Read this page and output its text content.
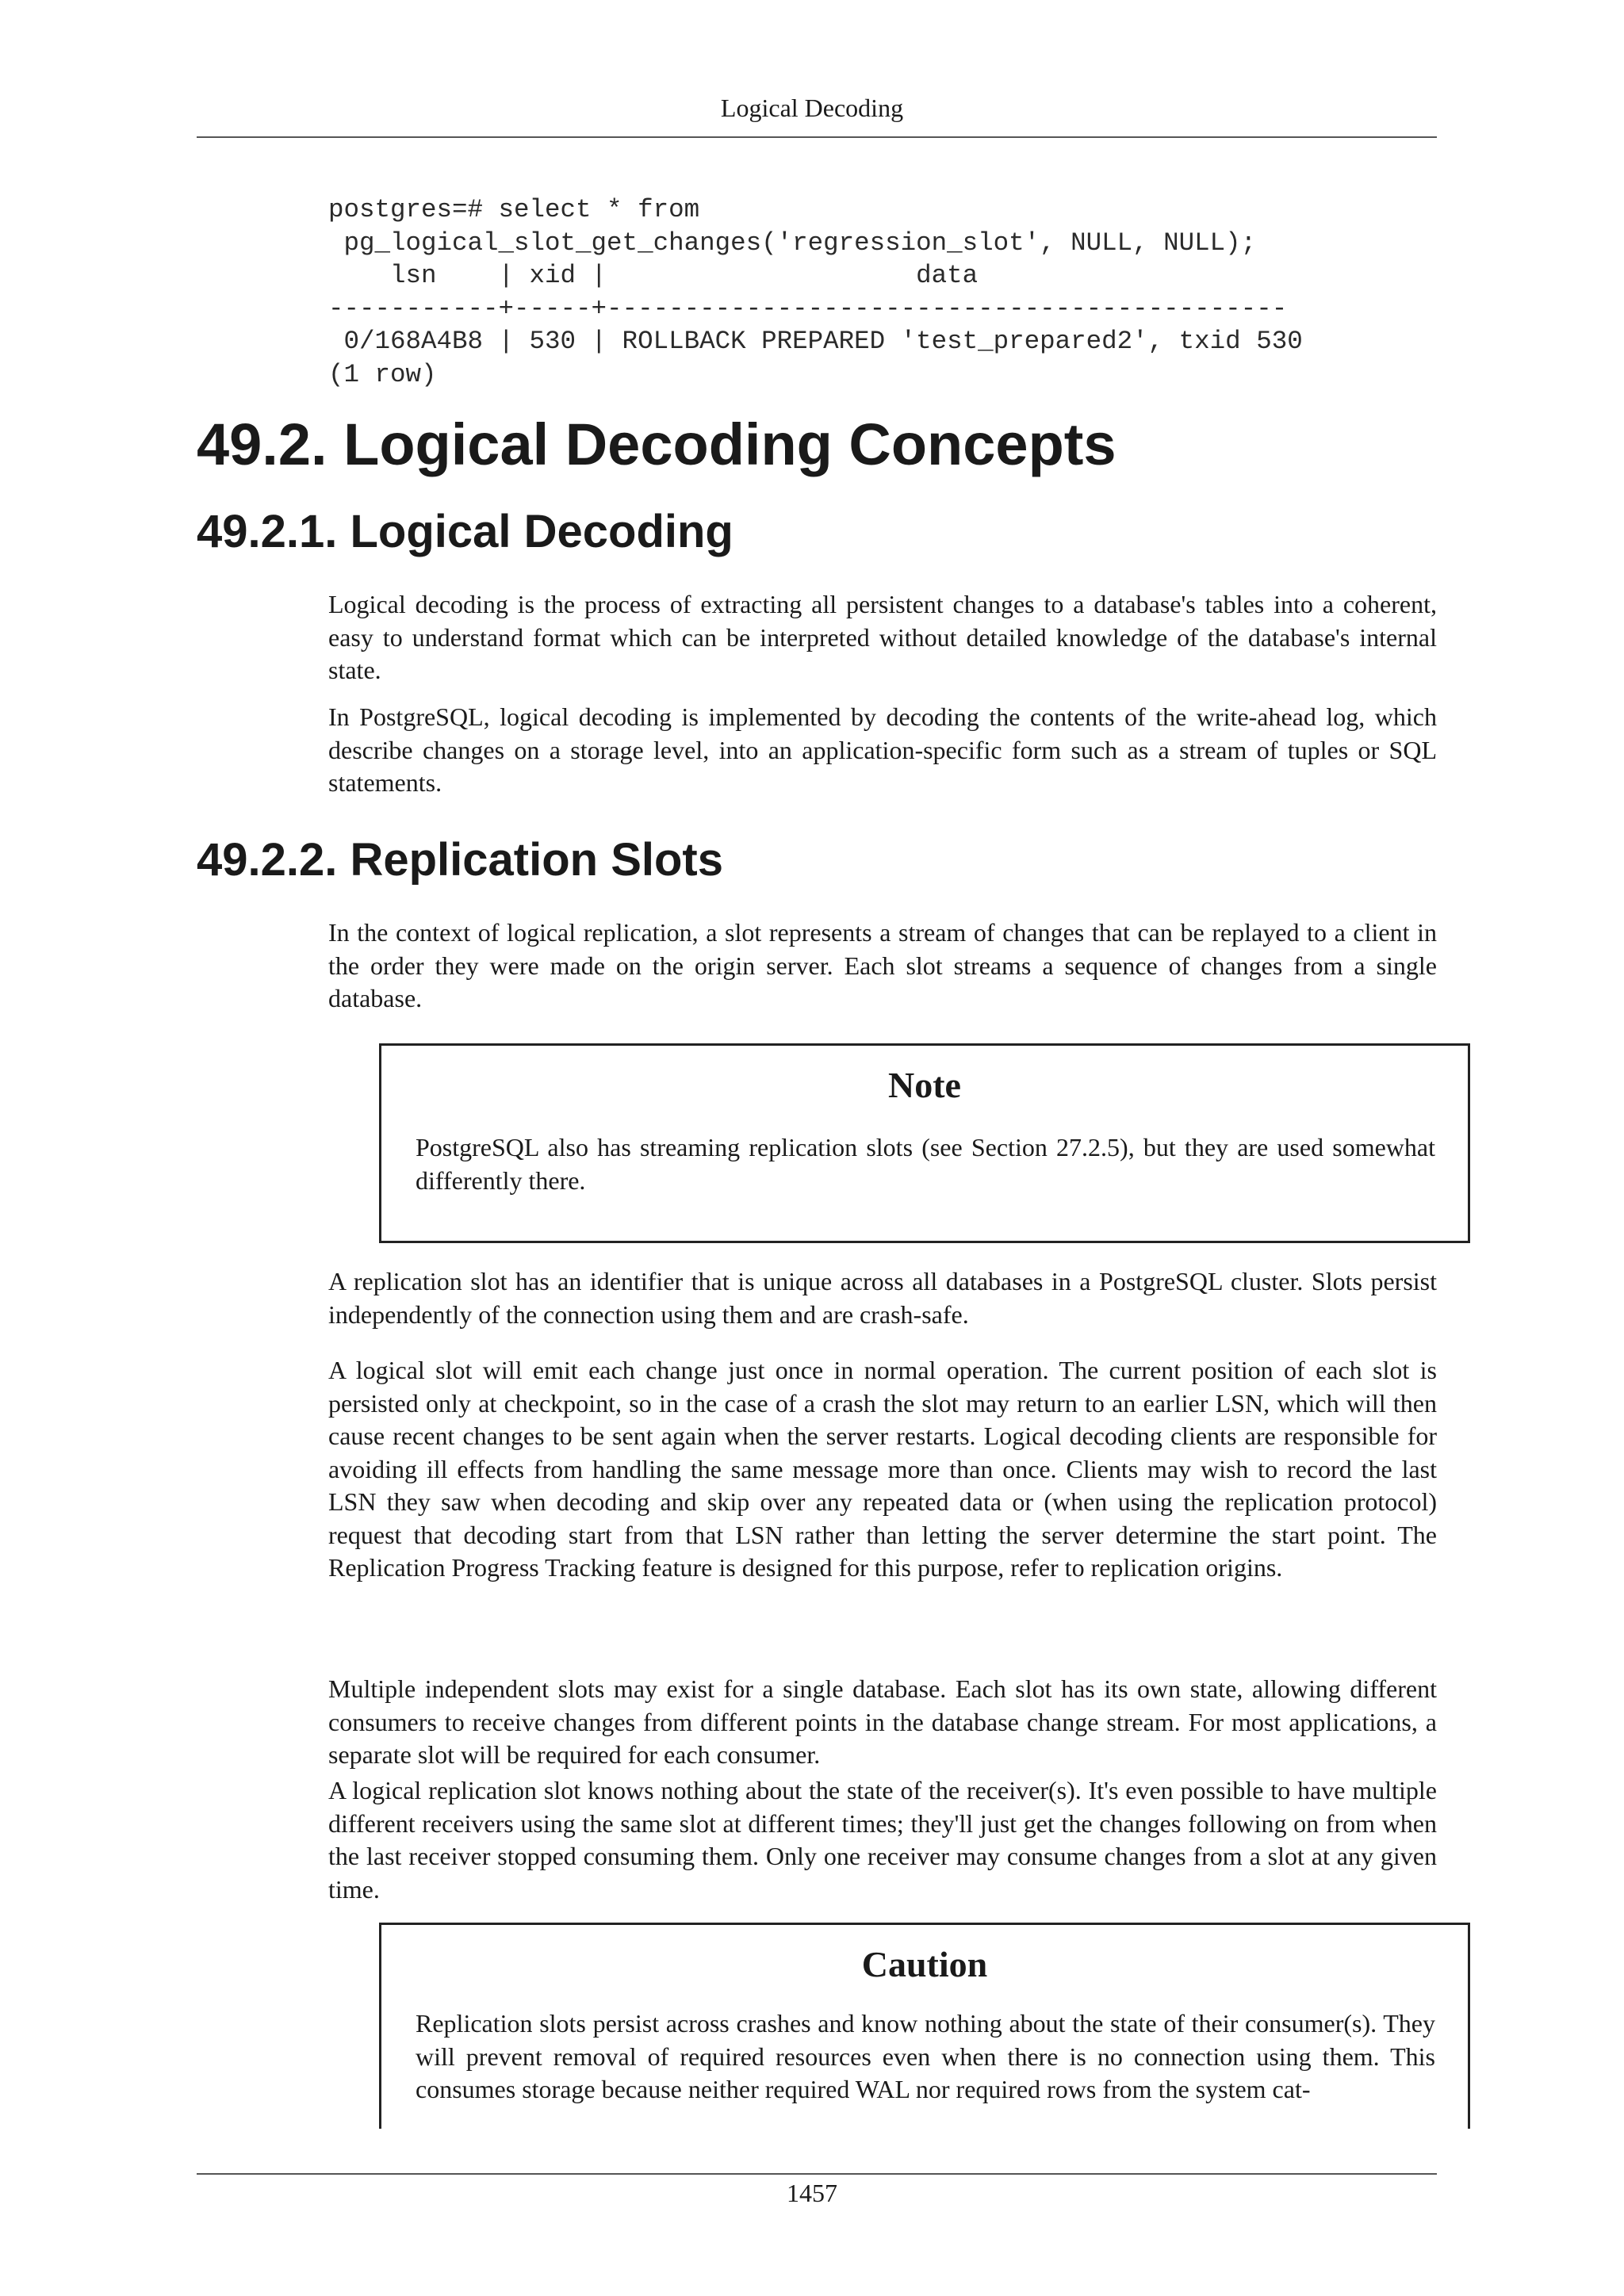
Logical Decoding
postgres=# select * from
pg_logical_slot_get_changes('regression_slot', NULL, NULL);
lsn    | xid |                    data
-----------+-----+--------------------------------------------
0/168A4B8 | 530 | ROLLBACK PREPARED 'test_prepared2', txid 530
(1 row)
49.2. Logical Decoding Concepts
49.2.1. Logical Decoding

Logical decoding is the process of extracting all persistent changes to a database's tables into a coherent, easy to understand format which can be interpreted without detailed knowledge of the database's internal state.

In PostgreSQL, logical decoding is implemented by decoding the contents of the write-ahead log, which describe changes on a storage level, into an application-specific form such as a stream of tuples or SQL statements.

49.2.2. Replication Slots

In the context of logical replication, a slot represents a stream of changes that can be replayed to a client in the order they were made on the origin server. Each slot streams a sequence of changes from a single database.

Note

PostgreSQL also has streaming replication slots (see Section 27.2.5), but they are used somewhat differently there.

A replication slot has an identifier that is unique across all databases in a PostgreSQL cluster. Slots persist independently of the connection using them and are crash-safe.

A logical slot will emit each change just once in normal operation. The current position of each slot is persisted only at checkpoint, so in the case of a crash the slot may return to an earlier LSN, which will then cause recent changes to be sent again when the server restarts. Logical decoding clients are responsible for avoiding ill effects from handling the same message more than once. Clients may wish to record the last LSN they saw when decoding and skip over any repeated data or (when using the replication protocol) request that decoding start from that LSN rather than letting the server determine the start point. The Replication Progress Tracking feature is designed for this purpose, refer to replication origins.

Multiple independent slots may exist for a single database. Each slot has its own state, allowing different consumers to receive changes from different points in the database change stream. For most applications, a separate slot will be required for each consumer.

A logical replication slot knows nothing about the state of the receiver(s). It's even possible to have multiple different receivers using the same slot at different times; they'll just get the changes following on from when the last receiver stopped consuming them. Only one receiver may consume changes from a slot at any given time.

Caution

Replication slots persist across crashes and know nothing about the state of their consumer(s). They will prevent removal of required resources even when there is no connection using them. This consumes storage because neither required WAL nor required rows from the system cat-

1457
